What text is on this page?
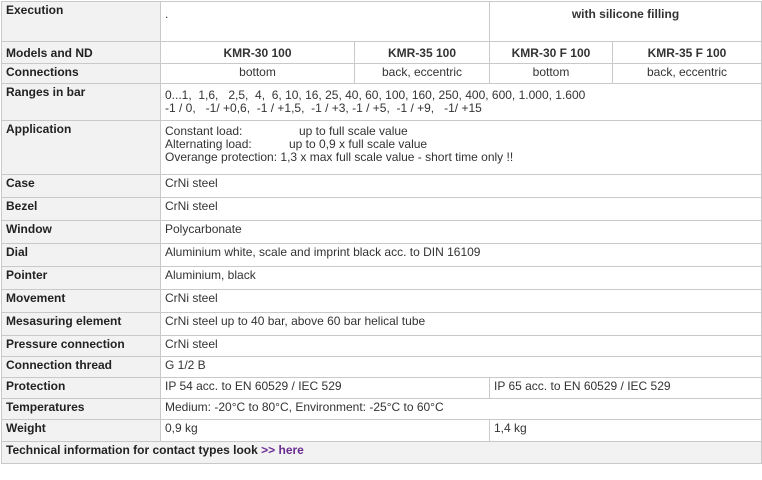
Execution	.		with silicone filling	
Models and ND	KMR-30 100	KMR-35 100	KMR-30 F 100	KMR-35 F 100
Connections	bottom	back, eccentric	bottom	back, eccentric
Ranges in bar	0...1,  1,6,   2,5,  4,  6, 10, 16, 25, 40, 60, 100, 160, 250, 400, 600, 1.000, 1.600
-1 / 0,   -1/ +0,6,  -1 / +1,5,  -1 / +3, -1 / +5,  -1 / +9,   -1/ +15			

Application	Constant load: up to full scale value
Alternating load: up to 0,9 x full scale value
Overange protection: 1,3 x max full scale value - short time only !!			

Case	CrNi steel			
Bezel	CrNi steel			
Window	Polycarbonate			
Dial	Aluminium white, scale and imprint black acc. to DIN 16109			
Pointer	Aluminium, black			
Movement	CrNi steel			
Mesasuring element	CrNi steel up to 40 bar, above 60 bar helical tube			
Pressure connection	CrNi steel			
Connection thread	G 1/2 B			
Protection	IP 54 acc. to EN 60529 / IEC 529		IP 65 acc. to EN 60529 / IEC 529	
Temperatures	Medium: -20°C to 80°C, Environment: -25°C to 60°C			
Weight	0,9 kg		1,4 kg	
Technical information for contact types look >> here				
